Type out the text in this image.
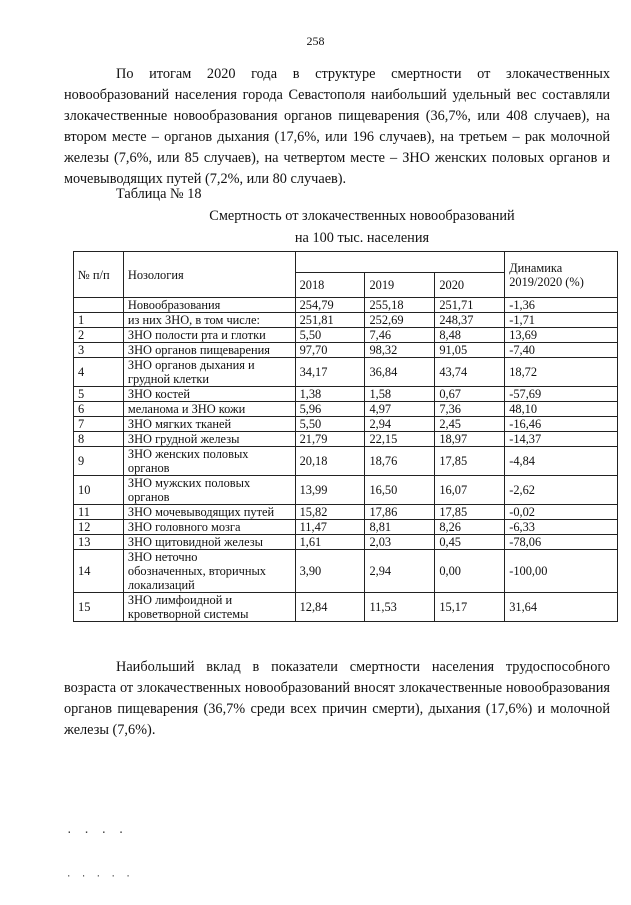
258

По итогам 2020 года в структуре смертности от злокачественных новообразований населения города Севастополя наибольший удельный вес составляли злокачественные новообразования органов пищеварения (36,7%, или 408 случаев), на втором месте – органов дыхания (17,6%, или 196 случаев), на третьем – рак молочной железы (7,6%, или 85 случаев), на четвертом месте – ЗНО женских половых органов и мочевыводящих путей (7,2%, или 80 случаев).

Таблица № 18
Смертность от злокачественных новообразований
на 100 тыс. населения
№ п/п	Нозология				Динамика 2019/2020 (%)
		2018	2019	2020	
	Новообразования	254,79	255,18	251,71	-1,36
1	из них ЗНО, в том числе:	251,81	252,69	248,37	-1,71
2	ЗНО полости рта и глотки	5,50	7,46	8,48	13,69
3	ЗНО органов пищеварения	97,70	98,32	91,05	-7,40
4	ЗНО органов дыхания и
грудной клетки	34,17	36,84	43,74	18,72
5	ЗНО костей	1,38	1,58	0,67	-57,69
6	меланома и ЗНО кожи	5,96	4,97	7,36	48,10
7	ЗНО мягких тканей	5,50	2,94	2,45	-16,46
8	ЗНО грудной железы	21,79	22,15	18,97	-14,37
9	ЗНО женских половых
органов	20,18	18,76	17,85	-4,84
10	ЗНО мужских половых
органов	13,99	16,50	16,07	-2,62
11	ЗНО мочевыводящих путей	15,82	17,86	17,85	-0,02
12	ЗНО головного мозга	11,47	8,81	8,26	-6,33
13	ЗНО щитовидной железы	1,61	2,03	0,45	-78,06
14	ЗНО неточно
обозначенных, вторичных
локализаций	3,90	2,94	0,00	-100,00
15	ЗНО лимфоидной и
кроветворной системы	12,84	11,53	15,17	31,64

Наибольший вклад в показатели смертности населения трудоспособного возраста от злокачественных новообразований вносят злокачественные новообразования органов пищеварения (36,7% среди всех причин смерти), дыхания (17,6%) и молочной железы (7,6%).

· · · ·
· · · · ·
